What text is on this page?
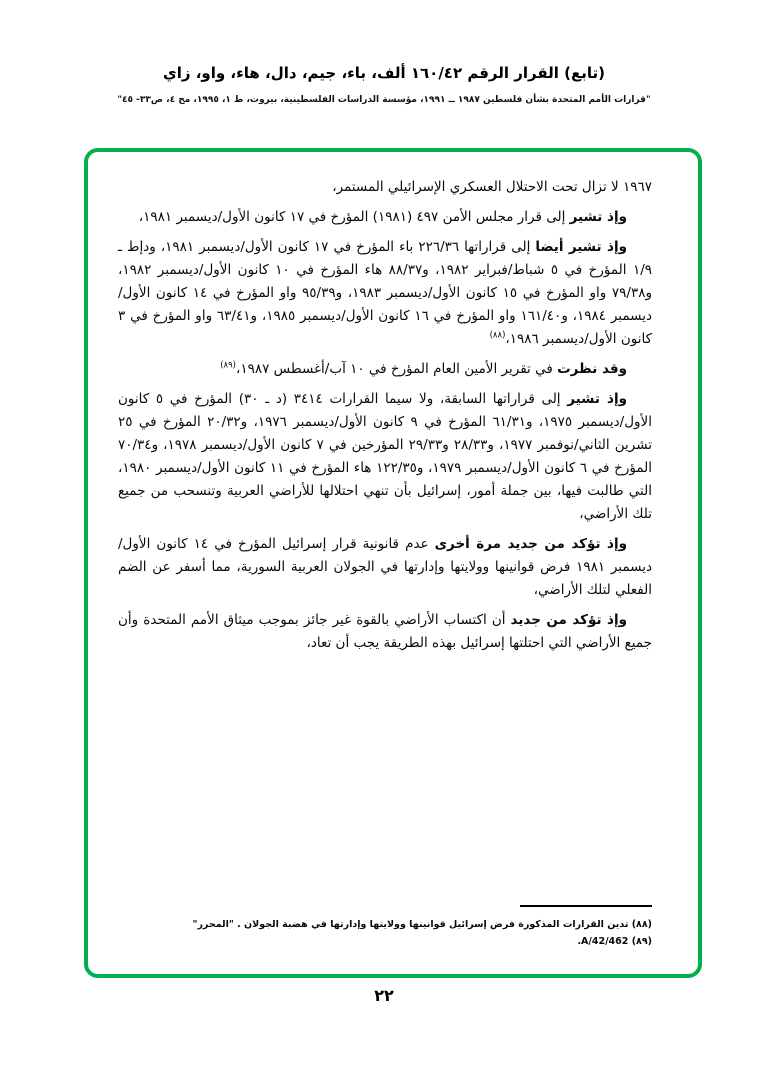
(تابع) القرار الرقم ١٦٠/٤٢ ألف، باء، جيم، دال، هاء، واو، زاي
"قرارات الأمم المتحدة بشأن فلسطين ١٩٨٧ ــ ١٩٩١، مؤسسة الدراسات الفلسطينية، بيروت، ط ١، ١٩٩٥، مج ٤، ص٣٣- ٤٥"

١٩٦٧ لا تزال تحت الاحتلال العسكري الإسرائيلي المستمر،

وإذ تشير إلى قرار مجلس الأمن ٤٩٧ (١٩٨١) المؤرخ في ١٧ كانون الأول/ديسمبر ١٩٨١،

وإذ تشير أيضا إلى قراراتها ٢٢٦/٣٦ باء المؤرخ في ١٧ كانون الأول/ديسمبر ١٩٨١، ودإط ـ ١/٩ المؤرخ في ٥ شباط/فبراير ١٩٨٢، و٨٨/٣٧ هاء المؤرخ في ١٠ كانون الأول/ديسمبر ١٩٨٢، و٧٩/٣٨ واو المؤرخ في ١٥ كانون الأول/ديسمبر ١٩٨٣، و٩٥/٣٩ واو المؤرخ في ١٤ كانون الأول/ديسمبر ١٩٨٤، و١٦١/٤٠ واو المؤرخ في ١٦ كانون الأول/ديسمبر ١٩٨٥، و٦٣/٤١ واو المؤرخ في ٣ كانون الأول/ديسمبر ١٩٨٦،$^{(٨٨)}$

وقد نظرت في تقرير الأمين العام المؤرخ في ١٠ آب/أغسطس ١٩٨٧،$^{(٨٩)}$

وإذ تشير إلى قراراتها السابقة، ولا سيما القرارات ٣٤١٤ (د ـ ٣٠) المؤرخ في ٥ كانون الأول/ديسمبر ١٩٧٥، و٦١/٣١ المؤرخ في ٩ كانون الأول/ديسمبر ١٩٧٦، و٢٠/٣٢ المؤرخ في ٢٥ تشرين الثاني/نوفمبر ١٩٧٧، و٢٨/٣٣ و٢٩/٣٣ المؤرخين في ٧ كانون الأول/ديسمبر ١٩٧٨، و٧٠/٣٤ المؤرخ في ٦ كانون الأول/ديسمبر ١٩٧٩، و١٢٢/٣٥ هاء المؤرخ في ١١ كانون الأول/ديسمبر ١٩٨٠، التي طالبت فيها، بين جملة أمور، إسرائيل بأن تنهي احتلالها للأراضي العربية وتنسحب من جميع تلك الأراضي،

وإذ تؤكد من جديد مرة أخرى عدم قانونية قرار إسرائيل المؤرخ في ١٤ كانون الأول/ديسمبر ١٩٨١ فرض قوانينها وولايتها وإدارتها في الجولان العربية السورية، مما أسفر عن الضم الفعلي لتلك الأراضي،

وإذ تؤكد من جديد أن اكتساب الأراضي بالقوة غير جائز بموجب ميثاق الأمم المتحدة وأن جميع الأراضي التي احتلتها إسرائيل بهذه الطريقة يجب أن تعاد،

(٨٨) تدين القرارات المذكورة فرض إسرائيل قوانينها وولايتها وإدارتها في هضبة الجولان . "المحرر"
(٨٩) A/42/462.
٢٢
